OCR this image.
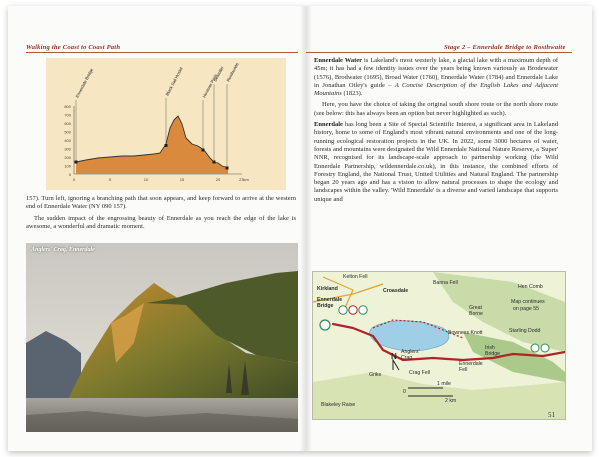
Walking the Coast to Coast Path	Stage 2 – Ennerdale Bridge to Rosthwaite
800
700
600
500
400
300
200
100
0
0	5	10	15	20	23km
Ennerdale Bridge	Black Sail Hostel	Honister Pass
Seatoller Rosthwaite

157). Turn left, ignoring a branching path that soon appears, and keep forward to arrive at the western end of Ennerdale Water (NY 090 157).

The sudden impact of the engrossing beauty of Ennerdale as you reach the edge of the lake is awesome, a wonderful and dramatic moment.

Anglers' Crag, Ennerdale

Ennerdale Water is Lakeland's most westerly lake, a glacial lake with a maximum depth of 45m; it has had a few identity issues over the years being known variously as Brodewater (1576), Brodwater (1695), Broad Water (1760), Ennerdale Water (1784) and Ennerdale Lake in Jonathan Otley's guide – A Concise Description of the English Lakes and Adjacent Mountains (1823).

Here, you have the choice of taking the original south shore route or the north shore route (see below: this has always been an option but never highlighted as such).

Ennerdale has long been a Site of Special Scientific Interest, a significant area in Lakeland history, home to some of England's most vibrant natural environments and one of the long-running ecological restoration projects in the UK. In 2022, some 3000 hectares of water, forests and mountains were designated the Wild Ennerdale National Nature Reserve, a 'Super' NNR, recognised for its landscape-scale approach to partnership working (the Wild Ennerdale Partnership, wildennerdale.co.uk), in this instance, the combined efforts of Forestry England, the National Trust, United Utilities and Natural England. The partnership began 20 years ago and has a vision to allow natural processes to shape the ecology and landscapes within the valley. 'Wild Ennerdale' is a diverse and varied landscape that supports unique and

Kelton Fell
Kirkland	Croasdale
Banna Fell
Hen Comb
Map continues
on page 55
Ennerdale Bridge	Great Borne
Starling Dodd
Bowness Knott
Anglers' Crag
Irish Bridge
Ennerdale Fell
Grike	Crag Fell
Blakeley Raise
N
0
1 mile
2 km
51
